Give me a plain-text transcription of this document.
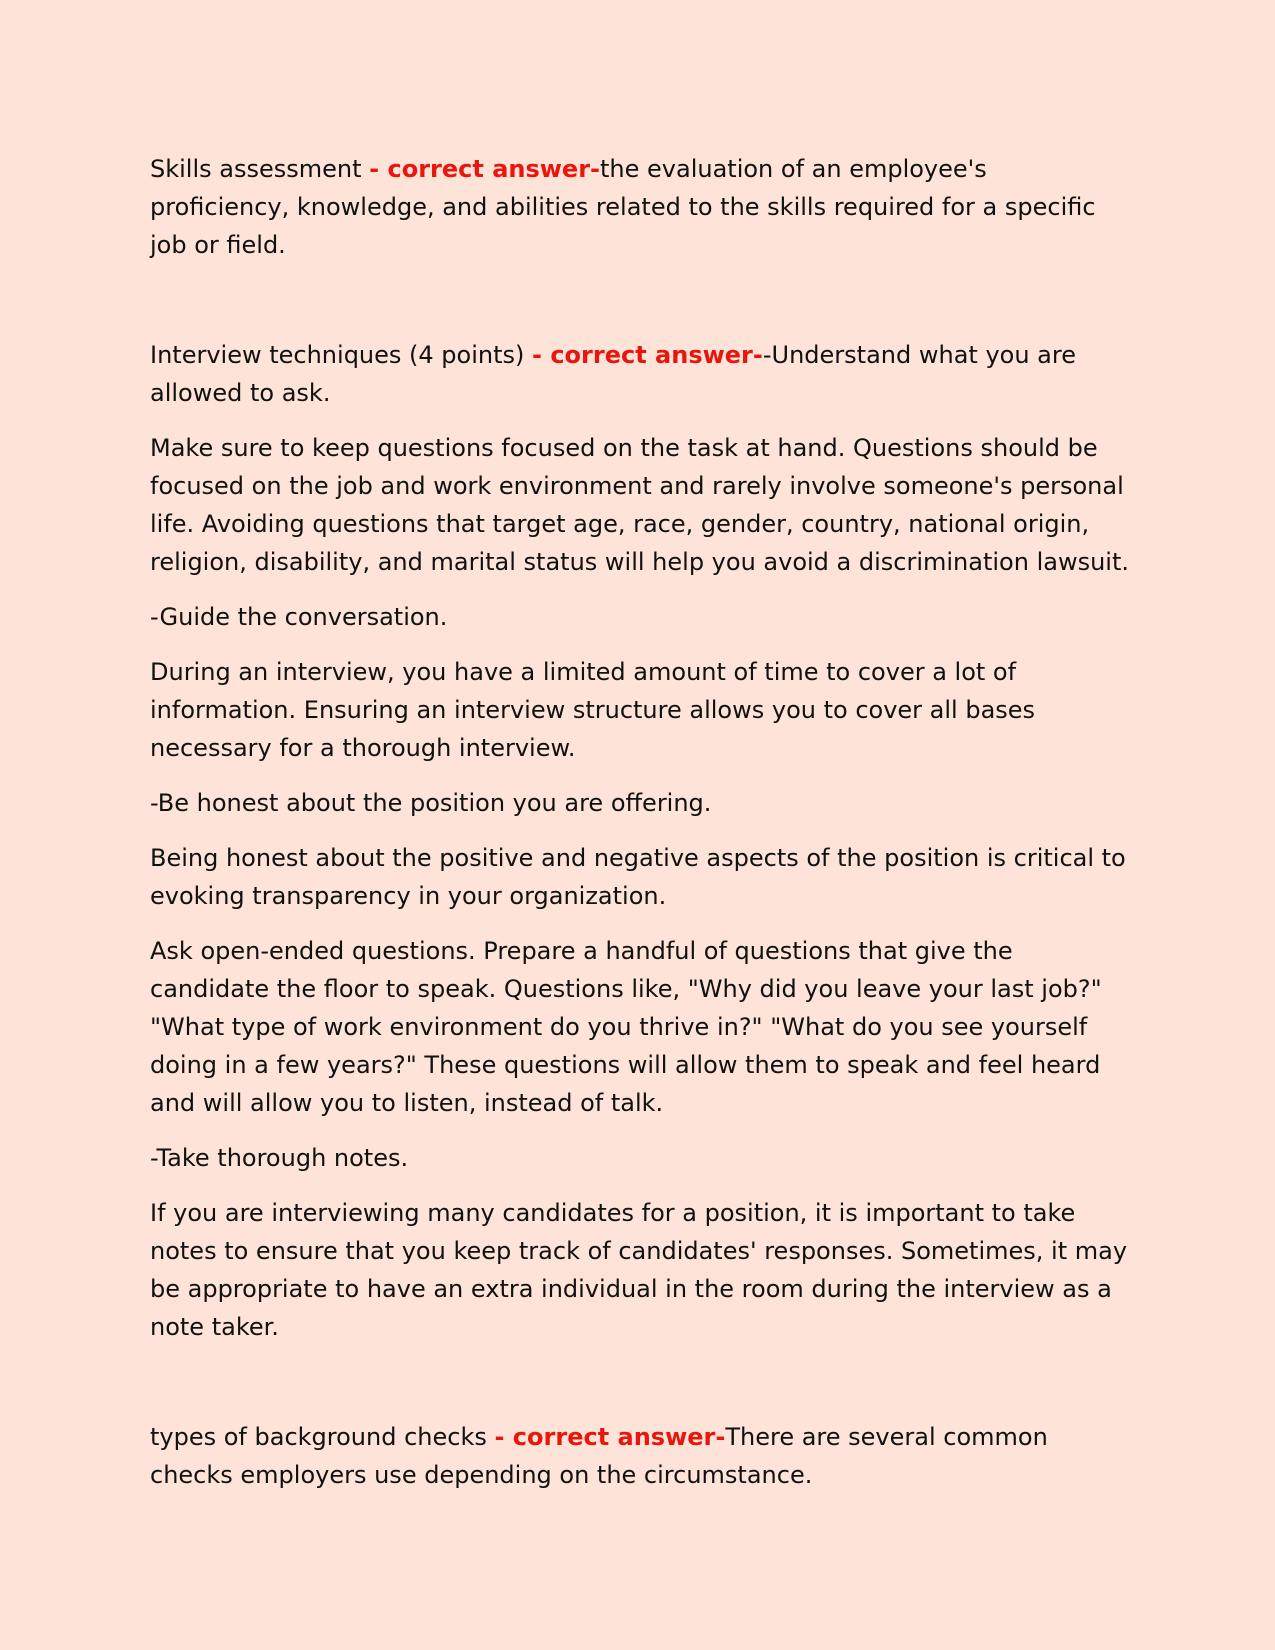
Skills assessment - correct answer-the evaluation of an employee's proficiency, knowledge, and abilities related to the skills required for a specific job or field.

Interview techniques (4 points) - correct answer--Understand what you are allowed to ask.

Make sure to keep questions focused on the task at hand. Questions should be focused on the job and work environment and rarely involve someone's personal life. Avoiding questions that target age, race, gender, country, national origin, religion, disability, and marital status will help you avoid a discrimination lawsuit.

-Guide the conversation.

During an interview, you have a limited amount of time to cover a lot of information. Ensuring an interview structure allows you to cover all bases necessary for a thorough interview.

-Be honest about the position you are offering.

Being honest about the positive and negative aspects of the position is critical to evoking transparency in your organization.

Ask open-ended questions. Prepare a handful of questions that give the candidate the floor to speak. Questions like, "Why did you leave your last job?" "What type of work environment do you thrive in?" "What do you see yourself doing in a few years?" These questions will allow them to speak and feel heard and will allow you to listen, instead of talk.

-Take thorough notes.

If you are interviewing many candidates for a position, it is important to take notes to ensure that you keep track of candidates' responses. Sometimes, it may be appropriate to have an extra individual in the room during the interview as a note taker.

types of background checks - correct answer-There are several common checks employers use depending on the circumstance.
